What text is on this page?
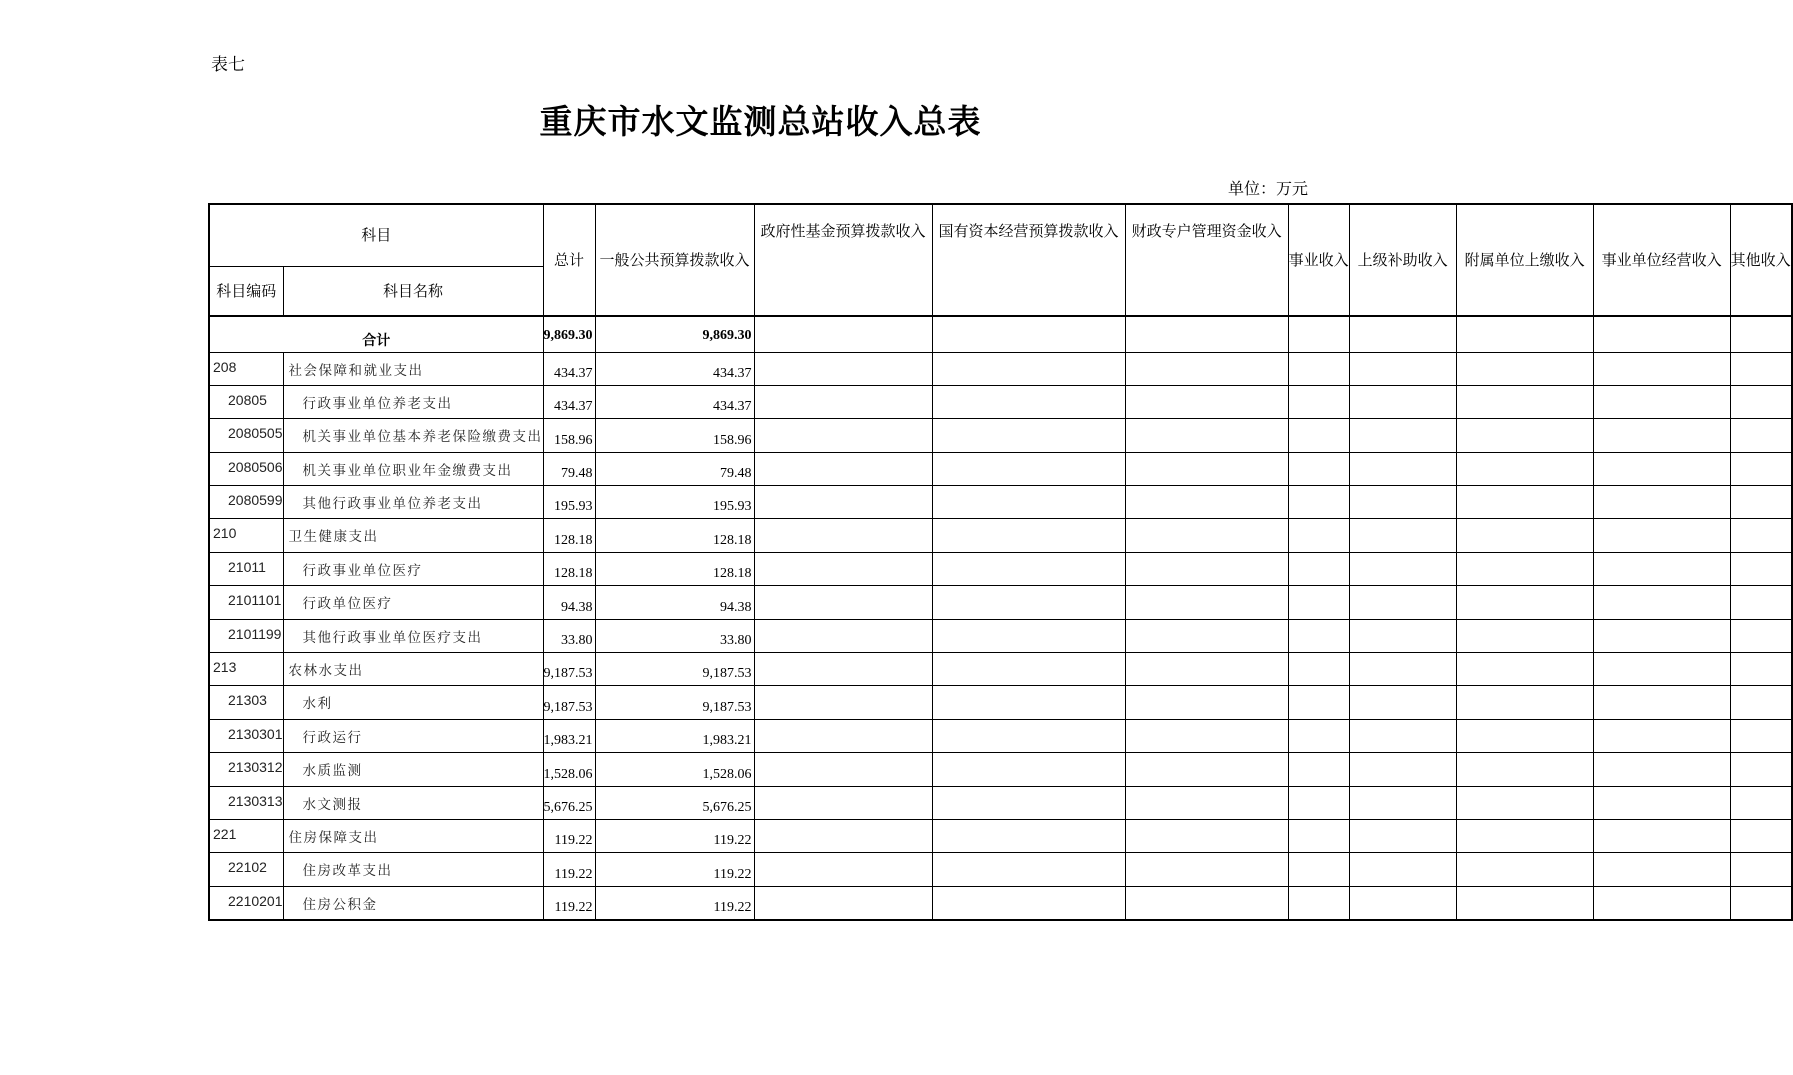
表七
重庆市水文监测总站收入总表
单位：万元
科目		总计	一般公共预算拨款收入	政府性基金预算拨款收入	国有资本经营预算拨款收入	财政专户管理资金收入	事业收入	上级补助收入	附属单位上缴收入	事业单位经营收入	其他收入
科目编码	科目名称										
合计		9,869.30	9,869.30								
208	社会保障和就业支出	434.37	434.37								
20805	行政事业单位养老支出	434.37	434.37								
2080505	机关事业单位基本养老保险缴费支出	158.96	158.96								
2080506	机关事业单位职业年金缴费支出	79.48	79.48								
2080599	其他行政事业单位养老支出	195.93	195.93								
210	卫生健康支出	128.18	128.18								
21011	行政事业单位医疗	128.18	128.18								
2101101	行政单位医疗	94.38	94.38								
2101199	其他行政事业单位医疗支出	33.80	33.80								
213	农林水支出	9,187.53	9,187.53								
21303	水利	9,187.53	9,187.53								
2130301	行政运行	1,983.21	1,983.21								
2130312	水质监测	1,528.06	1,528.06								
2130313	水文测报	5,676.25	5,676.25								
221	住房保障支出	119.22	119.22								
22102	住房改革支出	119.22	119.22								
2210201	住房公积金	119.22	119.22								
